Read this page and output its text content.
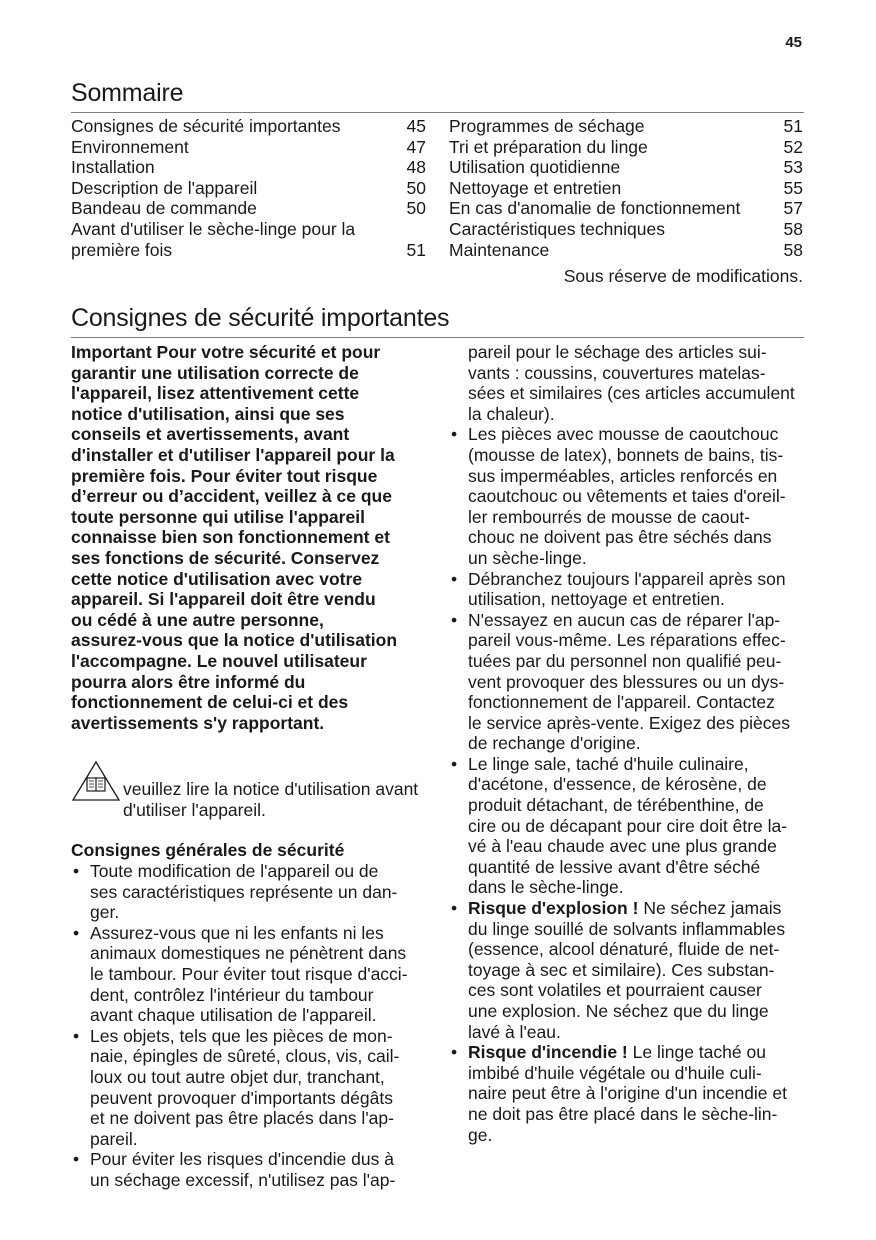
45
Sommaire
Consignes de sécurité importantes	45
Environnement	47
Installation	48
Description de l'appareil	50
Bandeau de commande	50
Avant d'utiliser le sèche-linge pour la
première fois	51
Programmes de séchage	51
Tri et préparation du linge	52
Utilisation quotidienne	53
Nettoyage et entretien	55
En cas d'anomalie de fonctionnement	57
Caractéristiques techniques	58
Maintenance	58
Sous réserve de modifications.
Consignes de sécurité importantes

Important Pour votre sécurité et pour
garantir une utilisation correcte de
l'appareil, lisez attentivement cette
notice d'utilisation, ainsi que ses
conseils et avertissements, avant
d'installer et d'utiliser l'appareil pour la
première fois. Pour éviter tout risque
d’erreur ou d’accident, veillez à ce que
toute personne qui utilise l'appareil
connaisse bien son fonctionnement et
ses fonctions de sécurité. Conservez
cette notice d'utilisation avec votre
appareil. Si l'appareil doit être vendu
ou cédé à une autre personne,
assurez-vous que la notice d'utilisation
l'accompagne. Le nouvel utilisateur
pourra alors être informé du
fonctionnement de celui-ci et des
avertissements s'y rapportant.

veuillez lire la notice d'utilisation avant
d'utiliser l'appareil.

Consignes générales de sécurité

• Toute modification de l'appareil ou de
ses caractéristiques représente un dan-
ger.
• Assurez-vous que ni les enfants ni les
animaux domestiques ne pénètrent dans
le tambour. Pour éviter tout risque d'acci-
dent, contrôlez l'intérieur du tambour
avant chaque utilisation de l'appareil.
• Les objets, tels que les pièces de mon-
naie, épingles de sûreté, clous, vis, cail-
loux ou tout autre objet dur, tranchant,
peuvent provoquer d'importants dégâts
et ne doivent pas être placés dans l'ap-
pareil.
• Pour éviter les risques d'incendie dus à
un séchage excessif, n'utilisez pas l'ap-

pareil pour le séchage des articles sui-
vants : coussins, couvertures matelas-
sées et similaires (ces articles accumulent
la chaleur).

• Les pièces avec mousse de caoutchouc
(mousse de latex), bonnets de bains, tis-
sus imperméables, articles renforcés en
caoutchouc ou vêtements et taies d'oreil-
ler rembourrés de mousse de caout-
chouc ne doivent pas être séchés dans
un sèche-linge.
• Débranchez toujours l'appareil après son
utilisation, nettoyage et entretien.
• N'essayez en aucun cas de réparer l'ap-
pareil vous-même. Les réparations effec-
tuées par du personnel non qualifié peu-
vent provoquer des blessures ou un dys-
fonctionnement de l'appareil. Contactez
le service après-vente. Exigez des pièces
de rechange d'origine.
• Le linge sale, taché d'huile culinaire,
d'acétone, d'essence, de kérosène, de
produit détachant, de térébenthine, de
cire ou de décapant pour cire doit être la-
vé à l'eau chaude avec une plus grande
quantité de lessive avant d'être séché
dans le sèche-linge.
• Risque d'explosion ! Ne séchez jamais
du linge souillé de solvants inflammables
(essence, alcool dénaturé, fluide de net-
toyage à sec et similaire). Ces substan-
ces sont volatiles et pourraient causer
une explosion. Ne séchez que du linge
lavé à l'eau.
• Risque d'incendie ! Le linge taché ou
imbibé d'huile végétale ou d'huile culi-
naire peut être à l'origine d'un incendie et
ne doit pas être placé dans le sèche-lin-
ge.
